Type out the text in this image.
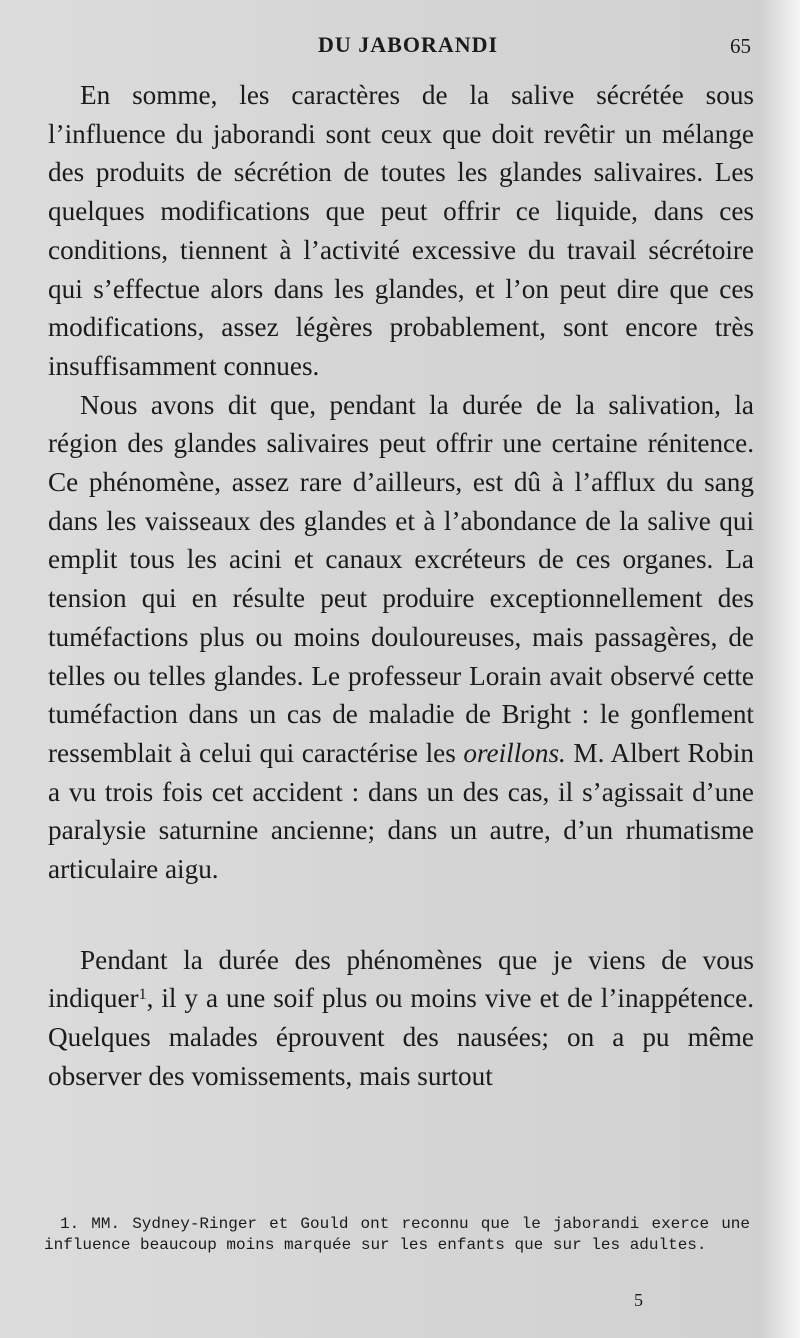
DU JABORANDI	65

En somme, les caractères de la salive sécrétée sous l’influence du jaborandi sont ceux que doit revêtir un mélange des produits de sécrétion de toutes les glandes salivaires. Les quelques modifications que peut offrir ce liquide, dans ces conditions, tiennent à l’activité excessive du travail sécrétoire qui s’effectue alors dans les glandes, et l’on peut dire que ces modifications, assez légères probablement, sont encore très insuffisamment connues.

Nous avons dit que, pendant la durée de la salivation, la région des glandes salivaires peut offrir une certaine rénitence. Ce phénomène, assez rare d’ailleurs, est dû à l’afflux du sang dans les vaisseaux des glandes et à l’abondance de la salive qui emplit tous les acini et canaux excréteurs de ces organes. La tension qui en résulte peut produire exceptionnellement des tuméfactions plus ou moins douloureuses, mais passagères, de telles ou telles glandes. Le professeur Lorain avait observé cette tuméfaction dans un cas de maladie de Bright : le gonflement ressemblait à celui qui caractérise les oreillons. M. Albert Robin a vu trois fois cet accident : dans un des cas, il s’agissait d’une paralysie saturnine ancienne; dans un autre, d’un rhumatisme articulaire aigu.

Pendant la durée des phénomènes que je viens de vous indiquer$^1$, il y a une soif plus ou moins vive et de l’inappétence. Quelques malades éprouvent des nausées; on a pu même observer des vomissements, mais surtout

1. MM. Sydney-Ringer et Gould ont reconnu que le jaborandi exerce une influence beaucoup moins marquée sur les enfants que sur les adultes.

5
